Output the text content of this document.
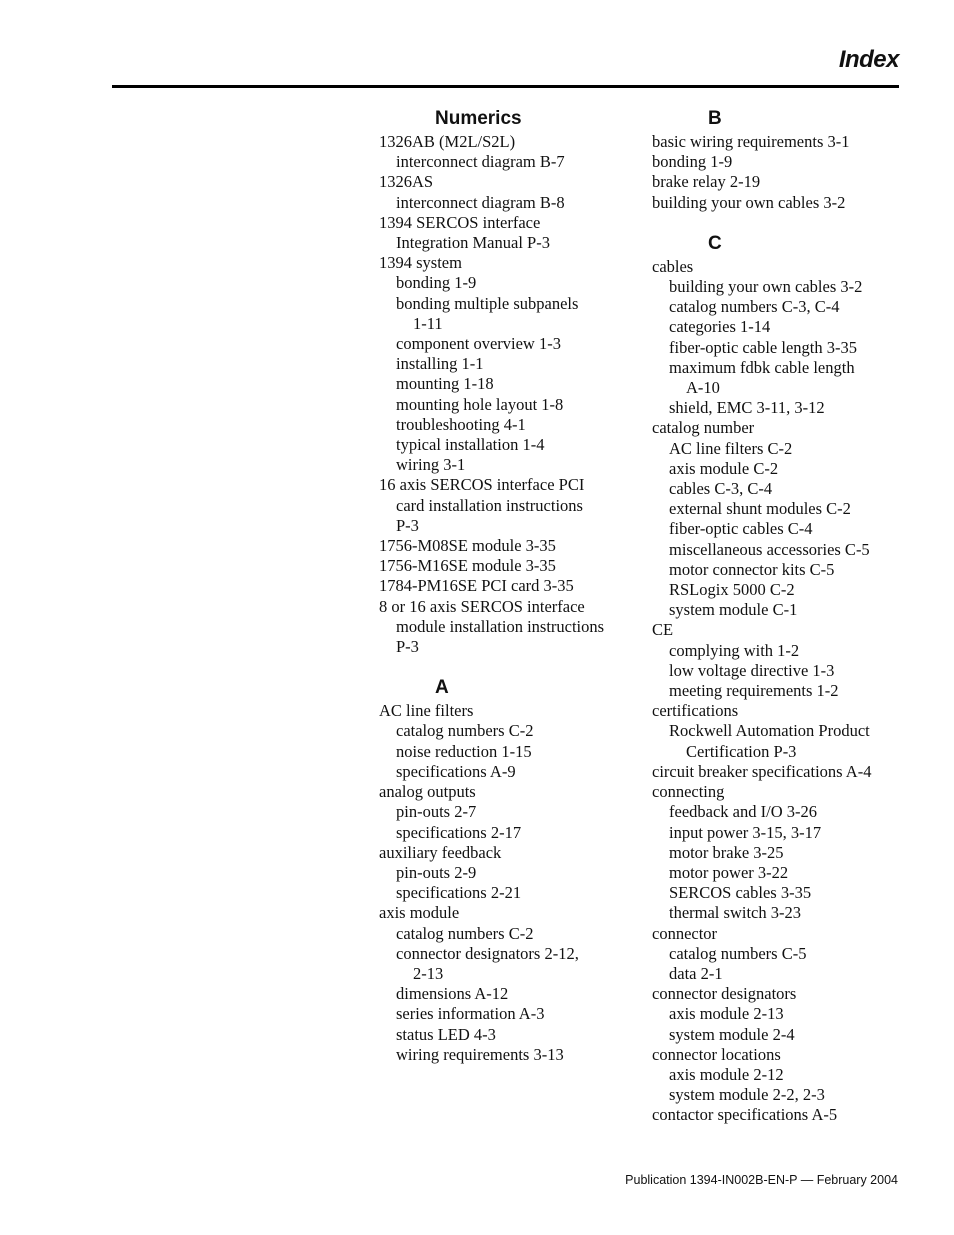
Index
Numerics
1326AB (M2L/S2L)
interconnect diagram B-7
1326AS
interconnect diagram B-8
1394 SERCOS interface
Integration Manual P-3
1394 system
bonding 1-9
bonding multiple subpanels
1-11
component overview 1-3
installing 1-1
mounting 1-18
mounting hole layout 1-8
troubleshooting 4-1
typical installation 1-4
wiring 3-1
16 axis SERCOS interface PCI
card installation instructions
P-3
1756-M08SE module 3-35
1756-M16SE module 3-35
1784-PM16SE PCI card 3-35
8 or 16 axis SERCOS interface
module installation instructions
P-3
A
AC line filters
catalog numbers C-2
noise reduction 1-15
specifications A-9
analog outputs
pin-outs 2-7
specifications 2-17
auxiliary feedback
pin-outs 2-9
specifications 2-21
axis module
catalog numbers C-2
connector designators 2-12,
2-13
dimensions A-12
series information A-3
status LED 4-3
wiring requirements 3-13
B
basic wiring requirements 3-1
bonding 1-9
brake relay 2-19
building your own cables 3-2
C
cables
building your own cables 3-2
catalog numbers C-3, C-4
categories 1-14
fiber-optic cable length 3-35
maximum fdbk cable length
A-10
shield, EMC 3-11, 3-12
catalog number
AC line filters C-2
axis module C-2
cables C-3, C-4
external shunt modules C-2
fiber-optic cables C-4
miscellaneous accessories C-5
motor connector kits C-5
RSLogix 5000 C-2
system module C-1
CE
complying with 1-2
low voltage directive 1-3
meeting requirements 1-2
certifications
Rockwell Automation Product
Certification P-3
circuit breaker specifications A-4
connecting
feedback and I/O 3-26
input power 3-15, 3-17
motor brake 3-25
motor power 3-22
SERCOS cables 3-35
thermal switch 3-23
connector
catalog numbers C-5
data 2-1
connector designators
axis module 2-13
system module 2-4
connector locations
axis module 2-12
system module 2-2, 2-3
contactor specifications A-5
Publication 1394-IN002B-EN-P — February 2004
